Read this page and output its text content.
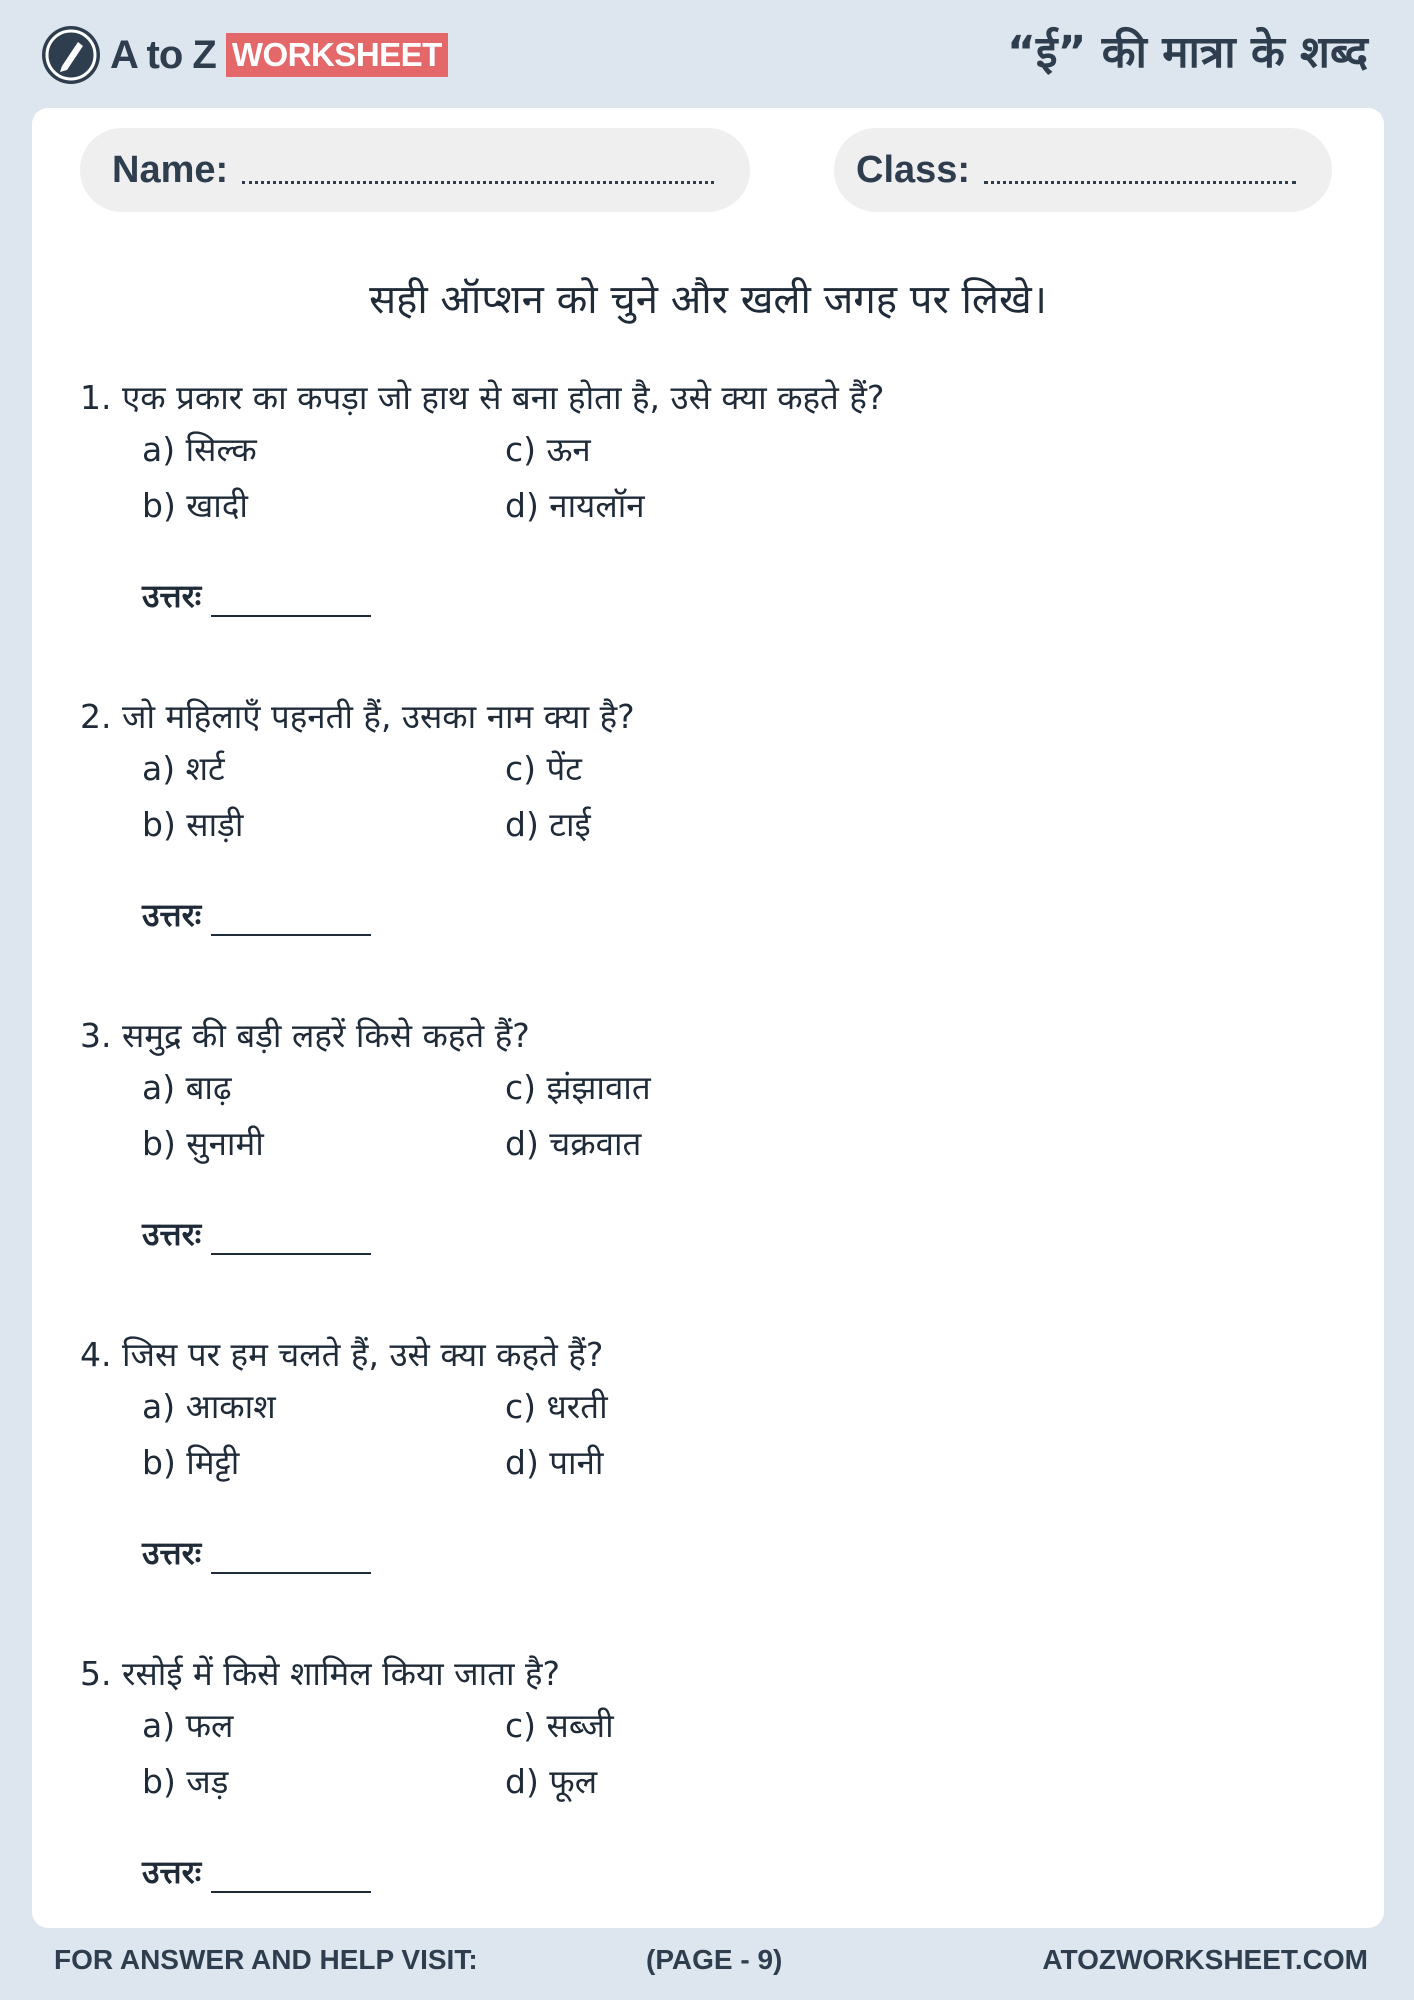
A to Z WORKSHEET	“ई” की मात्रा के शब्द
Name:	Class:
सही ऑप्शन को चुने और खली जगह पर लिखे।
1. एक प्रकार का कपड़ा जो हाथ से बना होता है, उसे क्या कहते हैं?
a) सिल्क	c) ऊन
b) खादी	d) नायलॉन
उत्तरः
2. जो महिलाएँ पहनती हैं, उसका नाम क्या है?
a) शर्ट	c) पेंट
b) साड़ी	d) टाई
उत्तरः
3. समुद्र की बड़ी लहरें किसे कहते हैं?
a) बाढ़	c) झंझावात
b) सुनामी	d) चक्रवात
उत्तरः
4. जिस पर हम चलते हैं, उसे क्या कहते हैं?
a) आकाश	c) धरती
b) मिट्टी	d) पानी
उत्तरः
5. रसोई में किसे शामिल किया जाता है?
a) फल	c) सब्जी
b) जड़	d) फूल
उत्तरः
FOR ANSWER AND HELP VISIT:	(PAGE - 9)	ATOZWORKSHEET.COM
